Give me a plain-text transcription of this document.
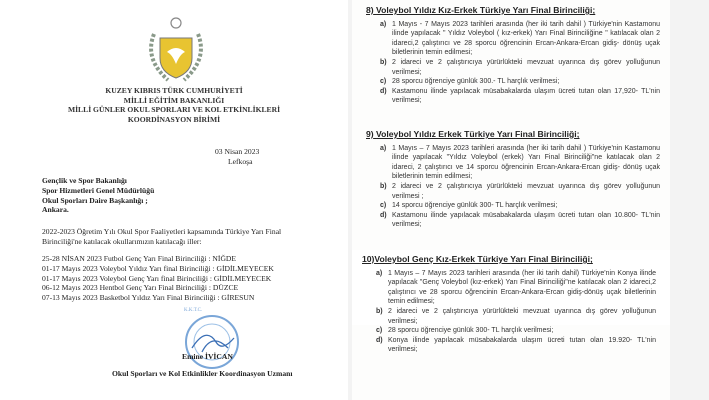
KUZEY KIBRIS TÜRK CUMHURİYETİ
MİLLİ EĞİTİM BAKANLIĞI
MİLLİ GÜNLER OKUL SPORLARI VE KOL ETKİNLİKLERİ
KOORDİNASYON BİRİMİ
03 Nisan 2023
Lefkoşa
Gençlik ve Spor Bakanlığı
Spor Hizmetleri Genel Müdürlüğü
Okul Sporları Daire Başkanlığı ;
Ankara.
2022-2023 Öğretim Yılı Okul Spor Faaliyetleri kapsamında Türkiye Yarı Final Birinciliği'ne katılacak okullarımızın katılacağı iller:
25-28 NİSAN 2023 Futbol Genç Yarı Final Birinciliği : NİĞDE
01-17 Mayıs 2023 Voleybol Yıldız Yarı final Birinciliği : GİDİLMEYECEK
01-17 Mayıs 2023 Voleybol Genç Yarı final Birinciliği : GİDİLMEYECEK
06-12 Mayıs 2023 Hentbol Genç Yarı Final Birinciliği : DÜZCE
07-13 Mayıs 2023 Basketbol Yıldız Yarı Final Birinciliği : GİRESUN
K.K.T.C.
Emine İVİCAN
Okul Sporları ve Kol Etkinlikler Koordinasyon Uzmanı
8) Voleybol Yıldız Kız-Erkek Türkiye Yarı Final Birinciliği;
a) 1 Mayıs - 7 Mayıs 2023 tarihleri arasında (her iki tarih dahil ) Türkiye'nin Kastamonu ilinde yapılacak " Yıldız Voleybol ( kız-erkek) Yarı Final Birinciliğine " katılacak olan 2 idareci,2 çalıştırıcı ve 28 sporcu öğrencinin Ercan-Ankara-Ercan gidiş- dönüş uçak biletlerinin temin edilmesi;
b) 2 idareci ve 2 çalıştırıcıya yürürlükteki mevzuat uyarınca dış görev yolluğunun verilmesi;
c) 28 sporcu öğrenciye günlük 300.- TL harçlık verilmesi;
d) Kastamonu ilinde yapılacak müsabakalarda ulaşım ücreti tutan olan 17,920- TL'nin verilmesi;
9) Voleybol Yıldız Erkek Türkiye Yarı Final Birinciliği;
a) 1 Mayıs – 7 Mayıs 2023 tarihleri arasında (her iki tarih dahil ) Türkiye'nin Kastamonu ilinde yapılacak "Yıldız Voleybol (erkek) Yarı Final Birinciliği"ne katılacak olan 2 idareci, 2 çalıştırıcı ve 14 sporcu öğrencinin Ercan-Ankara-Ercan gidiş- dönüş uçak biletlerinin temin edilmesi;
b) 2 idareci ve 2 çalıştırıcıya yürürlükteki mevzuat uyarınca dış görev yolluğunun verilmesi ;
c) 14 sporcu öğrenciye günlük 300- TL harçlık verilmesi;
d) Kastamonu ilinde yapılacak müsabakalarda ulaşım ücreti tutarı olan 10.800- TL'nin verilmesi;
10)Voleybol Genç Kız-Erkek Türkiye Yarı Final Birinciliği;
a) 1 Mayıs – 7 Mayıs 2023 tarihleri arasında (her iki tarih dahil) Türkiye'nin Konya ilinde yapılacak "Genç Voleybol (kız-erkek) Yarı Final Birinciliği"ne katılacak olan 2 idareci,2 çalıştırıcı ve 28 sporcu öğrencinin Ercan-Ankara-Ercan gidiş-dönüş uçak biletlerinin temin edilmesi;
b) 2 idareci ve 2 çalıştırıcıya yürürlükteki mevzuat uyarınca dış görev yolluğunun verilmesi;
c) 28 sporcu öğrenciye günlük 300- TL harçlık verilmesi;
d) Konya ilinde yapılacak müsabakalarda ulaşım ücreti tutan olan 19.920- TL'nin verilmesi;
